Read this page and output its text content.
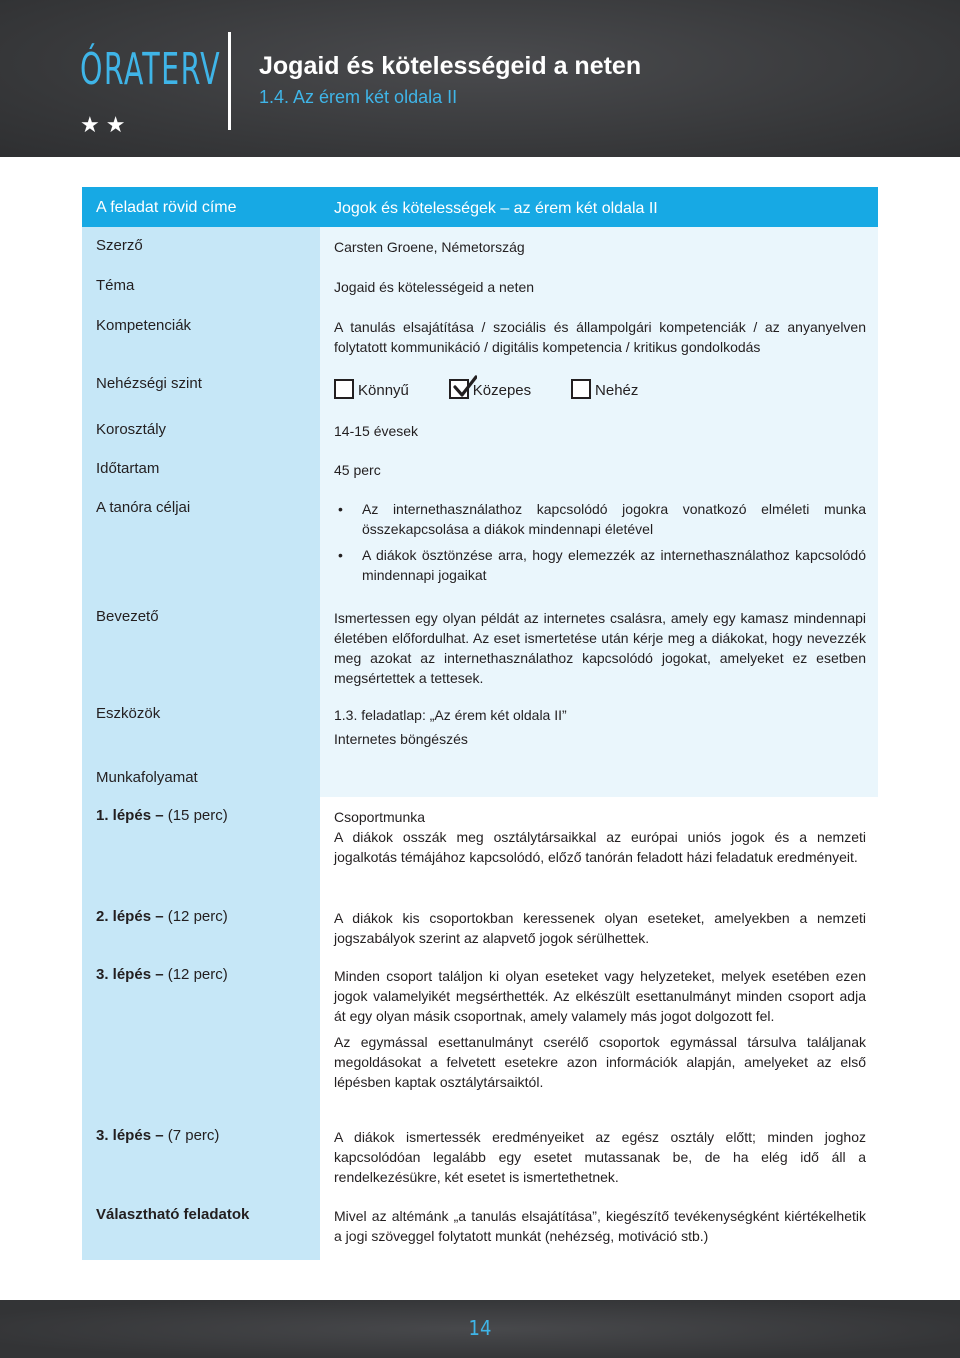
ÓRATERV
★★
Jogaid és kötelességeid a neten
1.4. Az érem két oldala II
A feladat rövid címe	Jogok és kötelességek – az érem két oldala II
Szerző	Carsten Groene, Németország
Téma	Jogaid és kötelességeid a neten
Kompetenciák	A tanulás elsajátítása / szociális és állampolgári kompetenciák / az anyanyelven folytatott kommunikáció / digitális kompetencia / kritikus gondolkodás
Nehézségi szint	Könnyű	Közepes	Nehéz
Korosztály	14-15 évesek
Időtartam	45 perc
A tanóra céljai
•	Az internethasználathoz kapcsolódó jogokra vonatkozó elméleti munka összekapcsolása a diákok mindennapi életével
• A diákok ösztönzése arra, hogy elemezzék az internethasználathoz kapcsolódó mindennapi jogaikat
Bevezető	Ismertessen egy olyan példát az internetes csalásra, amely egy kamasz mindennapi életében előfordulhat. Az eset ismertetése után kérje meg a diákokat, hogy nevezzék meg azokat az internethasználathoz kapcsolódó jogokat, amelyeket ez esetben megsértettek a tettesek.
Eszközök	1.3. feladatlap: „Az érem két oldala II”
Internetes böngészés
Munkafolyamat
1. lépés – (15 perc)	Csoportmunka

A diákok osszák meg osztálytársaikkal az európai uniós jogok és a nemzeti jogalkotás témájához kapcsolódó, előző tanórán feladott házi feladatuk eredményeit.

2. lépés – (12 perc)	A diákok kis csoportokban keressenek olyan eseteket, amelyekben a nemzeti jogszabályok szerint az alapvető jogok sérülhettek.

3. lépés – (12 perc)	Minden csoport találjon ki olyan eseteket vagy helyzeteket, melyek esetében ezen jogok valamelyikét megsérthették. Az elkészült esettanulmányt minden csoport adja át egy olyan másik csoportnak, amely valamely más jogot dolgozott fel.

Az egymással esettanulmányt cserélő csoportok egymással társulva találjanak megoldásokat a felvetett esetekre azon információk alapján, amelyeket az első lépésben kaptak osztálytársaiktól.

3. lépés – (7 perc)	A diákok ismertessék eredményeiket az egész osztály előtt; minden joghoz kapcsolódóan legalább egy esetet mutassanak be, de ha elég idő áll a rendelkezésükre, két esetet is ismertethetnek.

Választható feladatok	Mivel az altémánk „a tanulás elsajátítása”, kiegészítő tevékenységként kiértékelhetik a jogi szöveggel folytatott munkát (nehézség, motiváció stb.)
14
